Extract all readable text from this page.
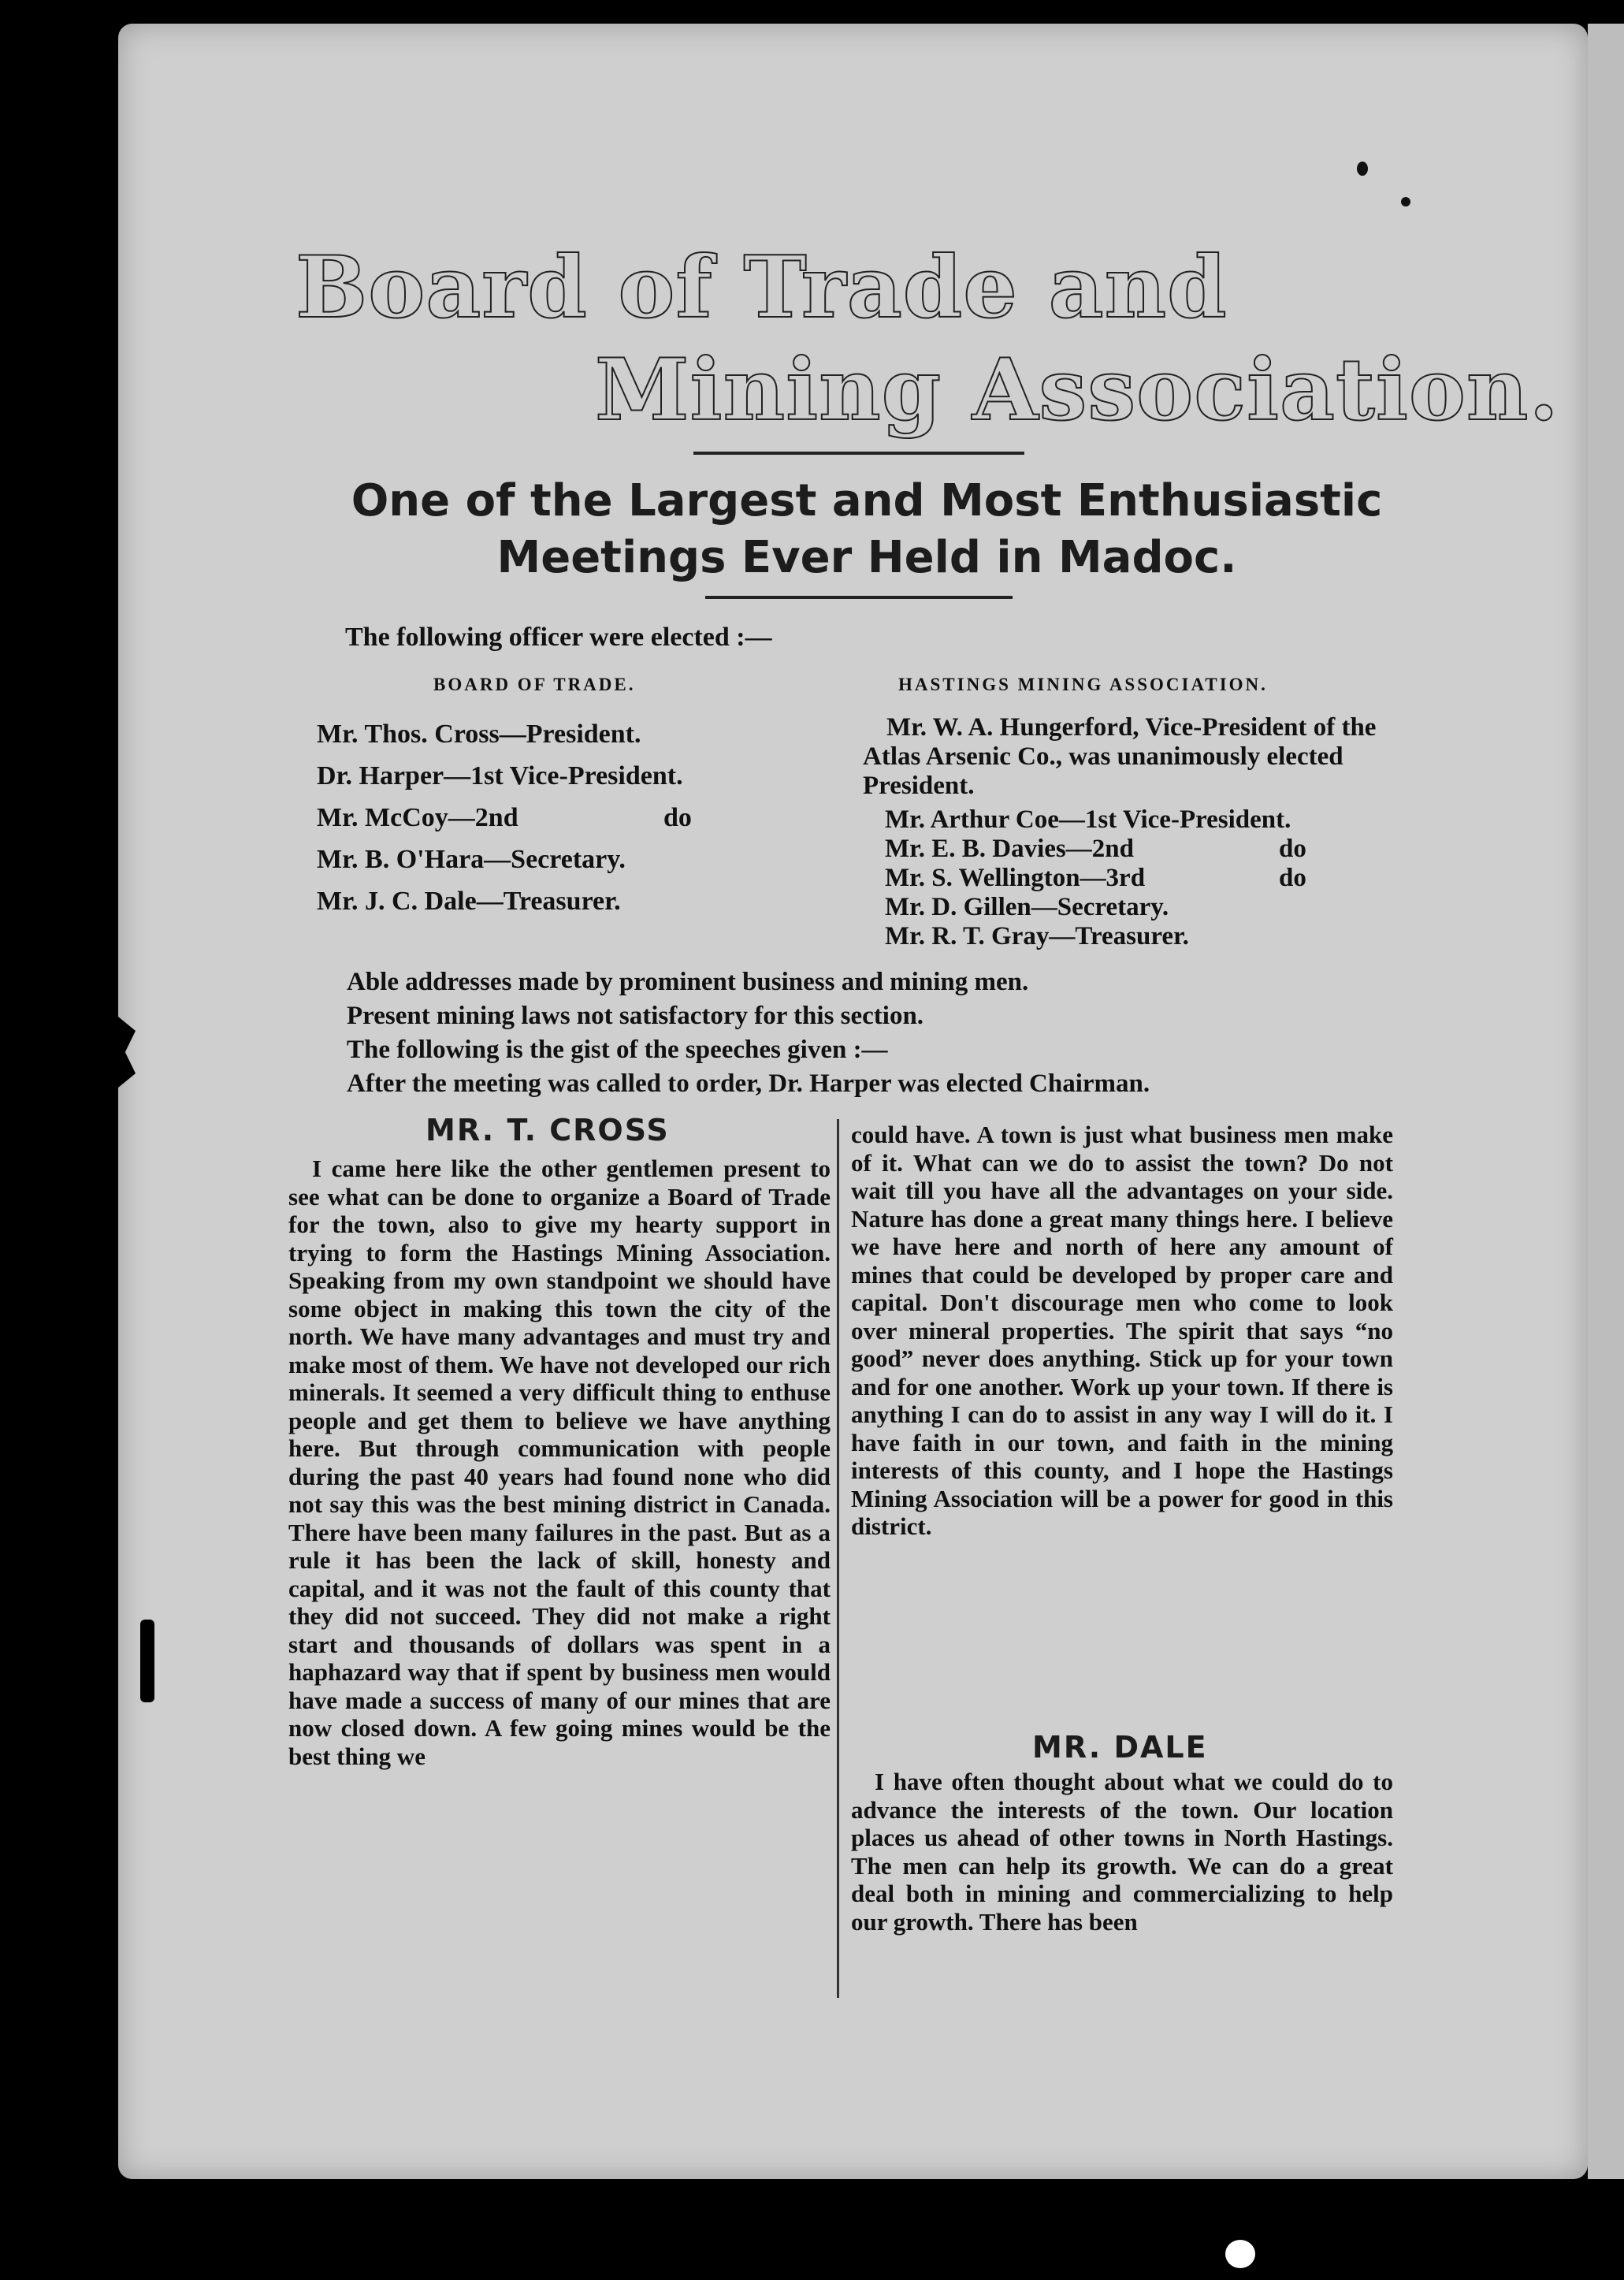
Board of Trade and
Mining Association.
One of the Largest and Most Enthusiastic
Meetings Ever Held in Madoc.
The following officer were elected :—
BOARD OF TRADE.	HASTINGS MINING ASSOCIATION.
Mr. Thos. Cross—President.
Dr. Harper—1st Vice-President.
Mr. McCoy—2nd	do
Mr. B. O'Hara—Secretary.
Mr. J. C. Dale—Treasurer.

Mr. W. A. Hungerford, Vice-President of the Atlas Arsenic Co., was unanimously elected President.

Mr. Arthur Coe—1st Vice-President.
Mr. E. B. Davies—2nd	do
Mr. S. Wellington—3rd	do
Mr. D. Gillen—Secretary.
Mr. R. T. Gray—Treasurer.

Able addresses made by prominent business and mining men.

Present mining laws not satisfactory for this section.

The following is the gist of the speeches given :—

After the meeting was called to order, Dr. Harper was elected Chairman.

MR. T. CROSS

I came here like the other gentlemen present to see what can be done to organize a Board of Trade for the town, also to give my hearty support in trying to form the Hastings Mining Association. Speaking from my own standpoint we should have some object in making this town the city of the north. We have many advantages and must try and make most of them. We have not developed our rich minerals. It seemed a very difficult thing to enthuse people and get them to believe we have anything here. But through communication with people during the past 40 years had found none who did not say this was the best mining district in Canada. There have been many failures in the past. But as a rule it has been the lack of skill, honesty and capital, and it was not the fault of this county that they did not succeed. They did not make a right start and thousands of dollars was spent in a haphazard way that if spent by business men would have made a success of many of our mines that are now closed down. A few going mines would be the best thing we

could have. A town is just what business men make of it. What can we do to assist the town? Do not wait till you have all the advantages on your side. Nature has done a great many things here. I believe we have here and north of here any amount of mines that could be developed by proper care and capital. Don't discourage men who come to look over mineral properties. The spirit that says “no good” never does anything. Stick up for your town and for one another. Work up your town. If there is anything I can do to assist in any way I will do it. I have faith in our town, and faith in the mining interests of this county, and I hope the Hastings Mining Association will be a power for good in this district.

MR. DALE

I have often thought about what we could do to advance the interests of the town. Our location places us ahead of other towns in North Hastings. The men can help its growth. We can do a great deal both in mining and commercializing to help our growth. There has been
